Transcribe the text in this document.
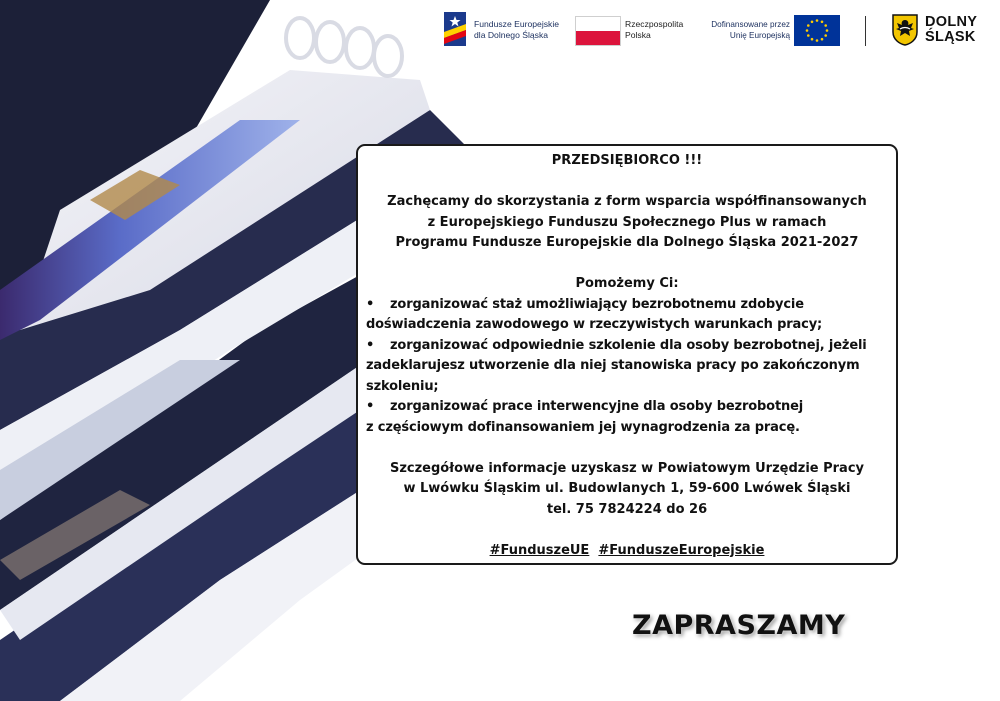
Fundusze Europejskie
dla Dolnego Śląska
Rzeczpospolita
Polska
Dofinansowane przez
Unię Europejską
DOLNY
ŚLĄSK

PRZEDSIĘBIORCO !!!

Zachęcamy do skorzystania z form wsparcia współfinansowanych

z Europejskiego Funduszu Społecznego Plus w ramach

Programu Fundusze Europejskie dla Dolnego Śląska 2021-2027

Pomożemy Ci:

• zorganizować staż umożliwiający bezrobotnemu zdobycie

doświadczenia zawodowego w rzeczywistych warunkach pracy;

• zorganizować odpowiednie szkolenie dla osoby bezrobotnej, jeżeli

zadeklarujesz utworzenie dla niej stanowiska pracy po zakończonym

szkoleniu;

• zorganizować prace interwencyjne dla osoby bezrobotnej

z częściowym dofinansowaniem jej wynagrodzenia za pracę.

Szczegółowe informacje uzyskasz w Powiatowym Urzędzie Pracy

w Lwówku Śląskim ul. Budowlanych 1, 59-600 Lwówek Śląski

tel. 75 7824224 do 26

#FunduszeUE #FunduszeEuropejskie

ZAPRASZAMY
